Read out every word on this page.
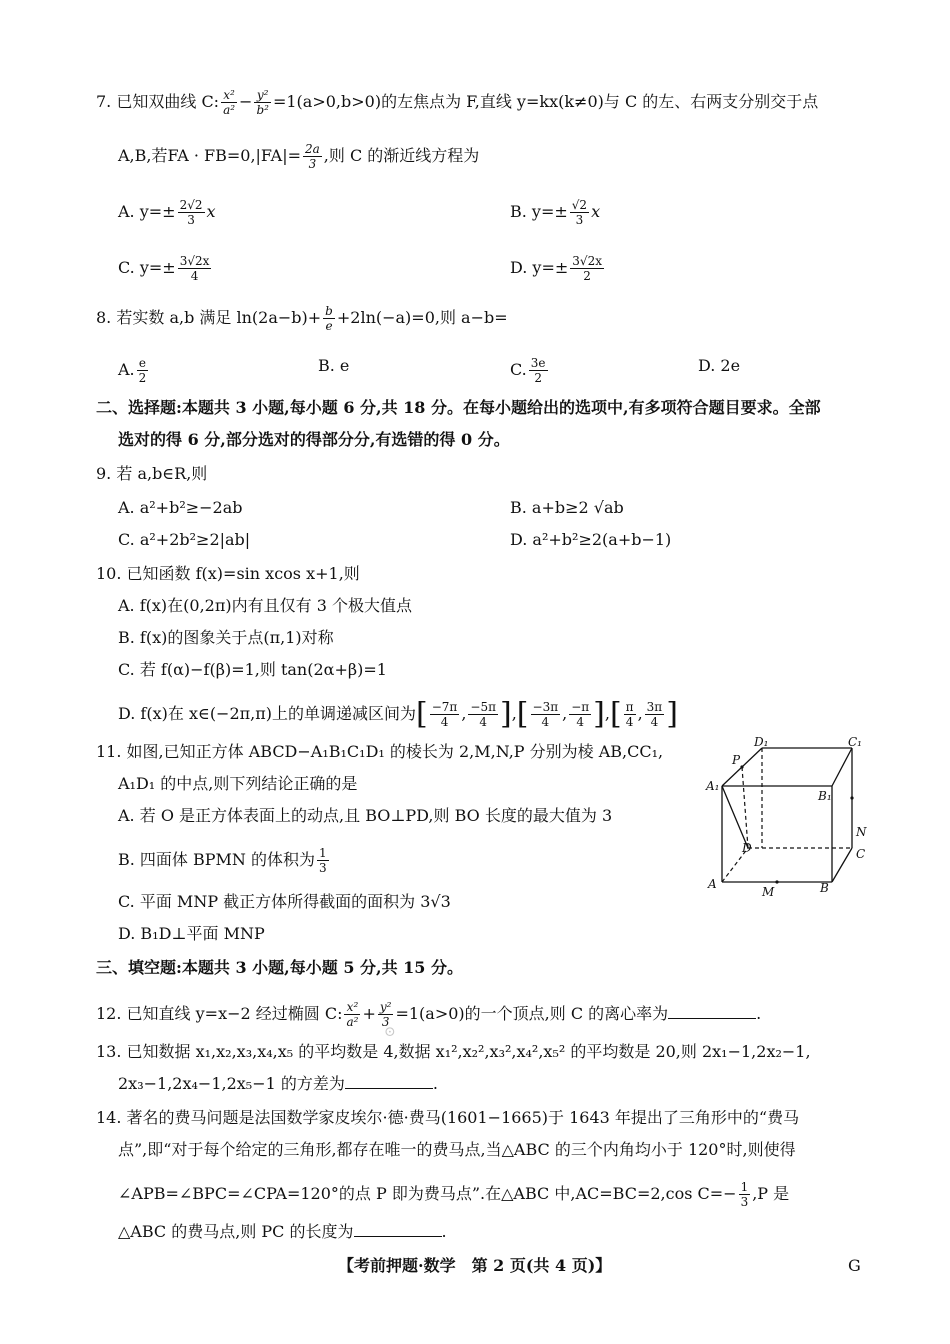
7. 已知双曲线 C: $\frac{\text{x²}}{\text{a²}} - \frac{\text{y²}}{\text{b²}} =1(a>0,b>0)$的左焦点为 F,直线 y=kx(k≠0)与 C 的左、右两支分别交于点
A,B,若FA · $FB=0,|FA|= \frac{2a}{3}$ ,则 C 的渐近线方程为
A. $y=\pm \frac{2√2}{3}$ x	B. $y=\pm \frac{√2}{3}$ x
C. $y=\pm \frac{3√2x}{4}$	D. $y=\pm \frac{3√2x}{2}$
8. 若实数 a,b 满足 $\ln(2a-b)+ \frac{b}{e} +2\ln(-a)=0$,则 a−b=
A. $\frac{e}{2}$	B. e	C. $\frac{3e}{2}$	D. 2e
二、选择题:本题共 3 小题,每小题 6 分,共 18 分。在每小题给出的选项中,有多项符合题目要求。全部
选对的得 6 分,部分选对的得部分分,有选错的得 0 分。
9. 若 a,b∈R,则
A. a²+b²≥−2ab	B. a+b≥2 √ab
C. a²+2b²≥2|ab|	D. a²+b²≥2(a+b−1)
10. 已知函数 f(x)=sin xcos x+1,则
A. f(x)在(0,2π)内有且仅有 3 个极大值点
B. f(x)的图象关于点(π,1)对称
C. 若 f(α)−f(β)=1,则 tan(2α+β)=1
D. f(x)在 x∈(−2π,π)上的单调递减区间为[ $\frac{-7\pi}{4}$ , $\frac{-5\pi}{4}$ ],[ $\frac{-3\pi}{4}$ , $\frac{-\pi}{4}$ ],[ $\frac{\pi}{4}$ , $\frac{3\pi}{4}$ ]
11. 如图,已知正方体 ABCD−A₁B₁C₁D₁ 的棱长为 2,M,N,P 分别为棱 AB,CC₁,
A₁D₁ 的中点,则下列结论正确的是
A. 若 O 是正方体表面上的动点,且 BO⊥PD,则 BO 长度的最大值为 3
B. 四面体 BPMN 的体积为 $\frac{1}{3}$
C. 平面 MNP 截正方体所得截面的面积为 3√3
D. B₁D⊥平面 MNP
D₁	C₁
A₁
B₁
P
N
D	C
A
M	B
三、填空题:本题共 3 小题,每小题 5 分,共 15 分。
12. 已知直线 y=x−2 经过椭圆 C: $\frac{\text{x²}}{\text{a²}} + \frac{\text{y²}}{3} =1(a>0)$的一个顶点,则 C 的离心率为	.
13. 已知数据 x₁,x₂,x₃,x₄,x₅ 的平均数是 4,数据 x₁²,x₂²,x₃²,x₄²,x₅² 的平均数是 20,则 2x₁−1,2x₂−1,
⊙
2x₃−1,2x₄−1,2x₅−1 的方差为	.
14. 著名的费马问题是法国数学家皮埃尔·德·费马(1601−1665)于 1643 年提出了三角形中的“费马
点”,即“对于每个给定的三角形,都存在唯一的费马点,当△ABC 的三个内角均小于 120°时,则使得
∠APB=∠BPC=∠CPA=120°的点 P 即为费马点”.在△ABC 中,AC=BC=2,cos $C=- \frac{1}{3} ,P$ 是
△ABC 的费马点,则 PC 的长度为	.
【考前押题·数学　第 2 页(共 4 页)】	G
